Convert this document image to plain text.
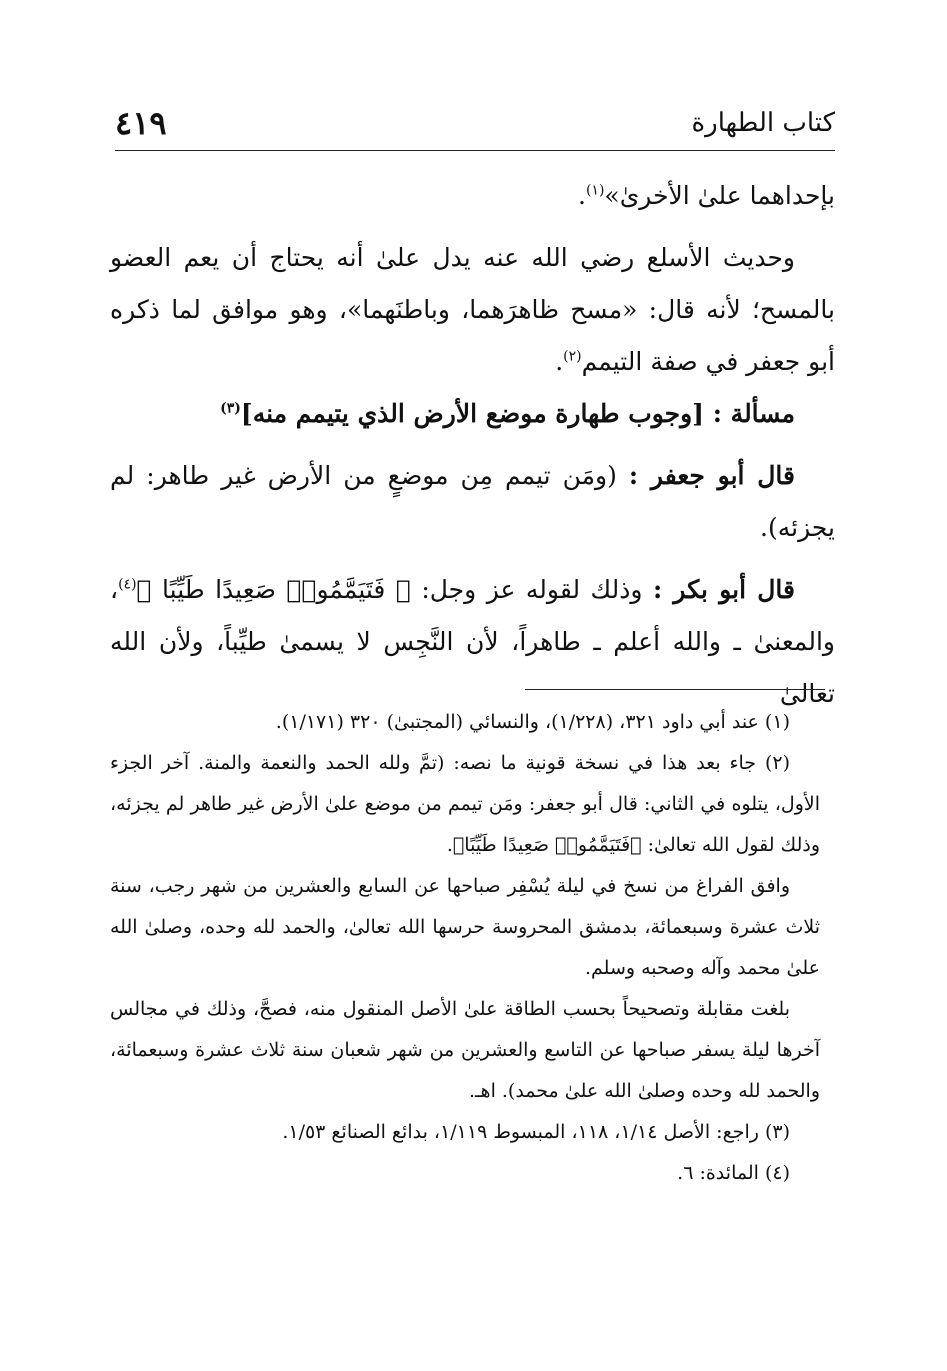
٤١٩	كتاب الطهارة

بإحداهما علىٰ الأخرىٰ»$^{(١)}$.

وحديث الأسلع رضي الله عنه يدل علىٰ أنه يحتاج أن يعم العضو بالمسح؛ لأنه قال: «مسح ظاهرَهما، وباطنَهما»، وهو موافق لما ذكره أبو جعفر في صفة التيمم$^{(٢)}$.

مسألة : [وجوب طهارة موضع الأرض الذي يتيمم منه]$^{(٣)}$

قال أبو جعفر : (ومَن تيمم مِن موضعٍ من الأرض غير طاهر: لم يجزئه).

قال أبو بكر : وذلك لقوله عز وجل: ﴿ فَتَيَمَّمُوا۟ صَعِيدًا طَيِّبًا ﴾$^{(٤)}$، والمعنىٰ ـ والله أعلم ـ طاهراً، لأن النَّجِس لا يسمىٰ طيِّباً، ولأن الله تعالىٰ

(١) عند أبي داود ٣٢١، (١/٢٢٨)، والنسائي (المجتبىٰ) ٣٢٠ (١/١٧١).

(٢) جاء بعد هذا في نسخة قونية ما نصه: (تمَّ ولله الحمد والنعمة والمنة. آخر الجزء الأول، يتلوه في الثاني: قال أبو جعفر: ومَن تيمم من موضع علىٰ الأرض غير طاهر لم يجزئه، وذلك لقول الله تعالىٰ: ﴿فَتَيَمَّمُوا۟ صَعِيدًا طَيِّبًا﴾.

وافق الفراغ من نسخ في ليلة يُسْفِر صباحها عن السابع والعشرين من شهر رجب، سنة ثلاث عشرة وسبعمائة، بدمشق المحروسة حرسها الله تعالىٰ، والحمد لله وحده، وصلىٰ الله علىٰ محمد وآله وصحبه وسلم.

بلغت مقابلة وتصحيحاً بحسب الطاقة علىٰ الأصل المنقول منه، فصحَّ، وذلك في مجالس آخرها ليلة يسفر صباحها عن التاسع والعشرين من شهر شعبان سنة ثلاث عشرة وسبعمائة، والحمد لله وحده وصلىٰ الله علىٰ محمد). اهـ.

(٣) راجع: الأصل ١/١٤، ١١٨، المبسوط ١/١١٩، بدائع الصنائع ١/٥٣.

(٤) المائدة: ٦.
